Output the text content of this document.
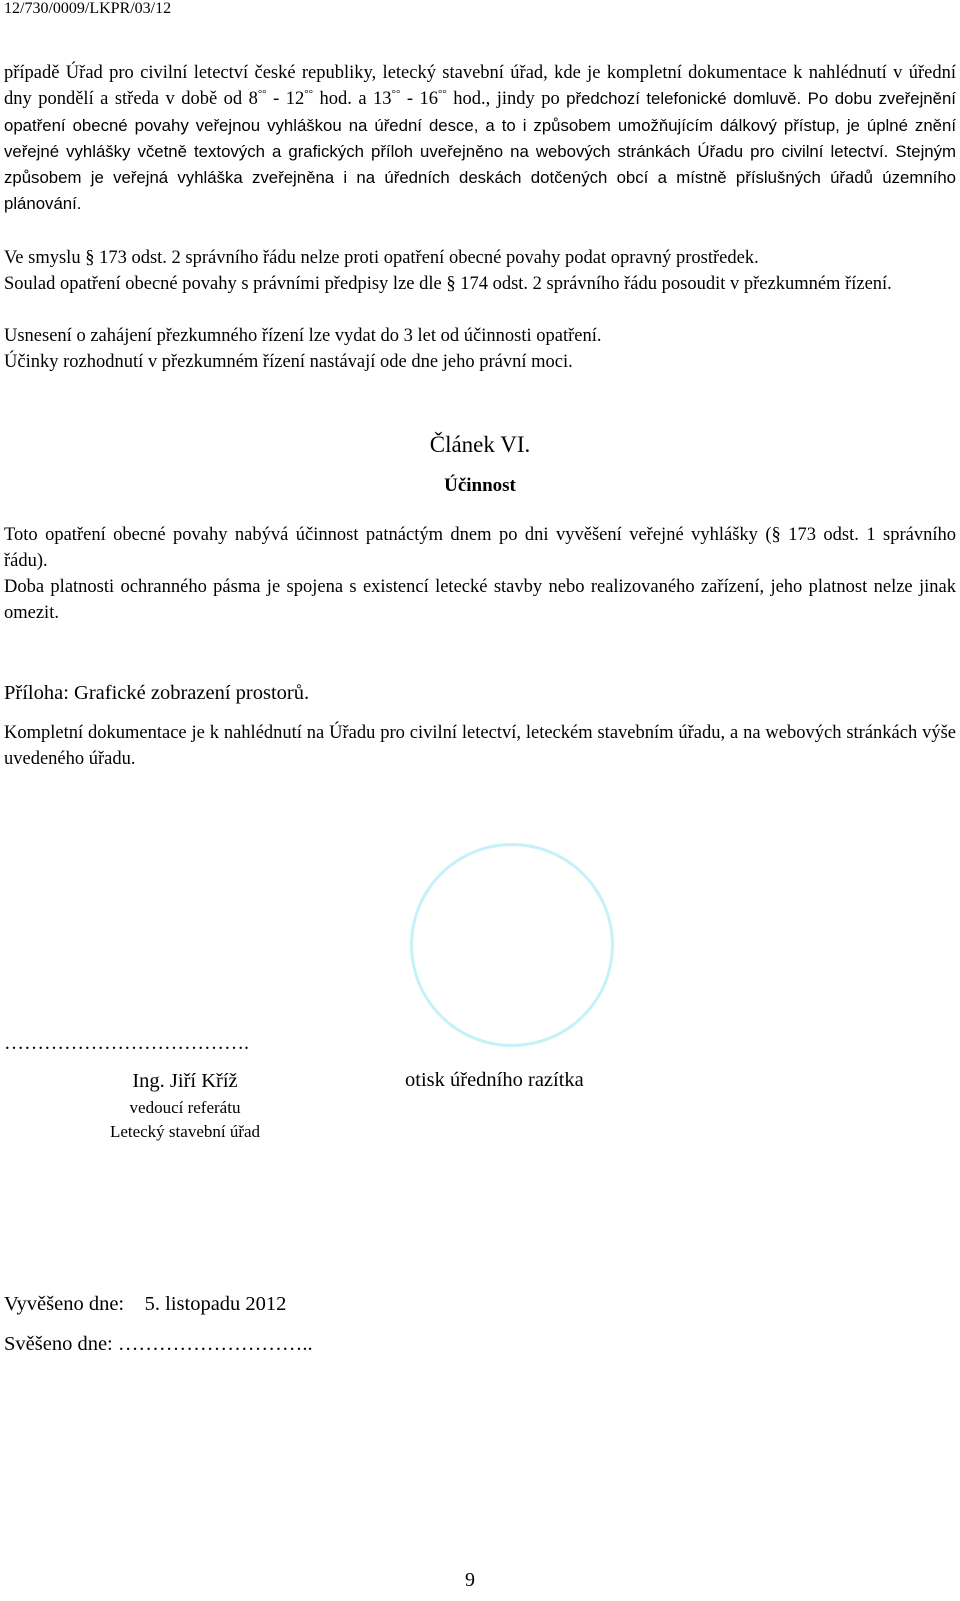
12/730/0009/LKPR/03/12
případě Úřad pro civilní letectví české republiky, letecký stavební úřad, kde je kompletní dokumentace k nahlédnutí v úřední dny pondělí a středa v době od 8°° - 12°° hod. a 13°° - 16°° hod., jindy po předchozí telefonické domluvě. Po dobu zveřejnění opatření obecné povahy veřejnou vyhláškou na úřední desce, a to i způsobem umožňujícím dálkový přístup, je úplné znění veřejné vyhlášky včetně textových a grafických příloh uveřejněno na webových stránkách Úřadu pro civilní letectví. Stejným způsobem je veřejná vyhláška zveřejněna i na úředních deskách dotčených obcí a místně příslušných úřadů územního plánování.
Ve smyslu § 173 odst. 2 správního řádu nelze proti opatření obecné povahy podat opravný prostředek.
Soulad opatření obecné povahy s právními předpisy lze dle § 174 odst. 2 správního řádu posoudit v přezkumném řízení.
Usnesení o zahájení přezkumného řízení lze vydat do 3 let od účinnosti opatření.
Účinky rozhodnutí v přezkumném řízení nastávají ode dne jeho právní moci.
Článek VI.
Účinnost
Toto opatření obecné povahy nabývá účinnost patnáctým dnem po dni vyvěšení veřejné vyhlášky (§ 173 odst. 1 správního řádu).
Doba platnosti ochranného pásma je spojena s existencí letecké stavby nebo realizovaného zařízení, jeho platnost nelze jinak omezit.
Příloha: Grafické zobrazení prostorů.
Kompletní dokumentace je k nahlédnutí na Úřadu pro civilní letectví, leteckém stavebním úřadu, a na webových stránkách výše uvedeného úřadu.
……………………………….
Ing. Jiří Kříž
vedoucí referátu
Letecký stavební úřad
otisk úředního razítka
Vyvěšeno dne:    5. listopadu 2012
Svěšeno dne: ………………………..
9
